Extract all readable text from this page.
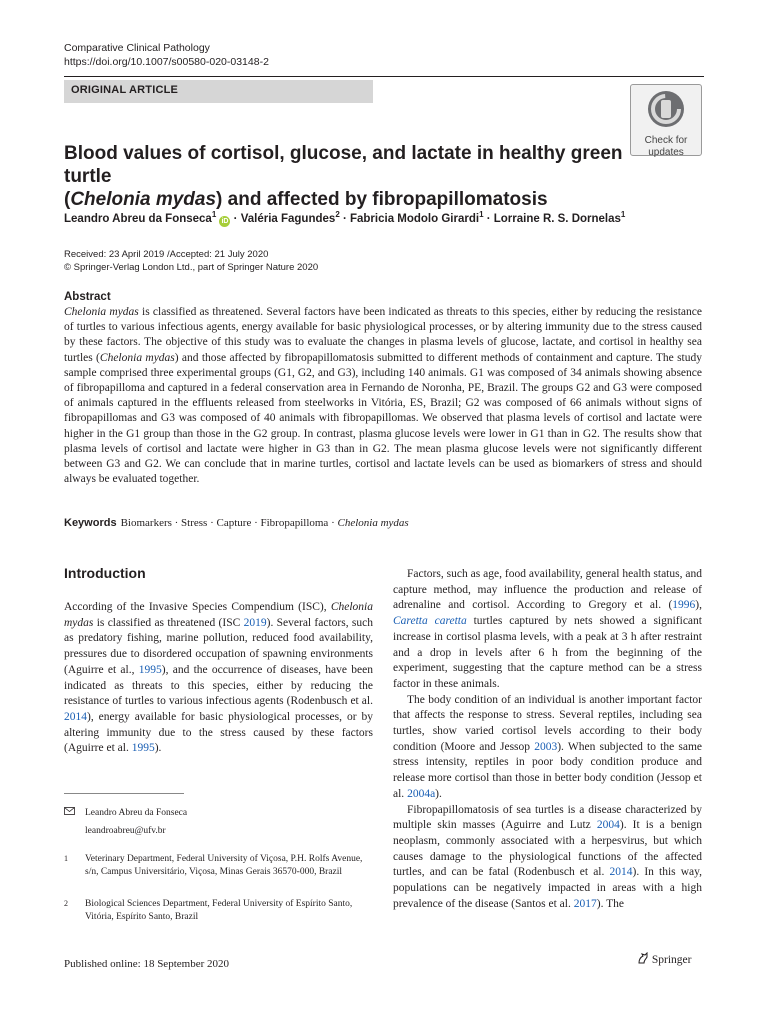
Comparative Clinical Pathology
https://doi.org/10.1007/s00580-020-03148-2
ORIGINAL ARTICLE
Check for
updates
Blood values of cortisol, glucose, and lactate in healthy green turtle
(Chelonia mydas) and affected by fibropapillomatosis
Leandro Abreu da Fonseca$^1$ iD · Valéria Fagundes$^2$ · Fabricia Modolo Girardi$^1$ · Lorraine R. S. Dornelas$^1$
Received: 23 April 2019 /Accepted: 21 July 2020
© Springer-Verlag London Ltd., part of Springer Nature 2020
Abstract
Chelonia mydas is classified as threatened. Several factors have been indicated as threats to this species, either by reducing the resistance of turtles to various infectious agents, energy available for basic physiological processes, or by altering immunity due to the stress caused by these factors. The objective of this study was to evaluate the changes in plasma levels of glucose, lactate, and cortisol in healthy sea turtles (Chelonia mydas) and those affected by fibropapillomatosis submitted to different methods of containment and capture. The study sample comprised three experimental groups (G1, G2, and G3), including 140 animals. G1 was composed of 34 animals showing absence of fibropapilloma and captured in a federal conservation area in Fernando de Noronha, PE, Brazil. The groups G2 and G3 were composed of animals captured in the effluents released from steelworks in Vitória, ES, Brazil; G2 was composed of 66 animals without signs of fibropapillomas and G3 was composed of 40 animals with fibropapillomas. We observed that plasma levels of cortisol and lactate were higher in the G1 group than those in the G2 group. In contrast, plasma glucose levels were lower in G1 than in G2. The results show that plasma levels of cortisol and lactate were higher in G3 than in G2. The mean plasma glucose levels were not significantly different between G3 and G2. We can conclude that in marine turtles, cortisol and lactate levels can be used as biomarkers of stress and should always be evaluated together.
Keywords Biomarkers · Stress · Capture · Fibropapilloma · Chelonia mydas
Introduction

According of the Invasive Species Compendium (ISC), Chelonia mydas is classified as threatened (ISC 2019). Several factors, such as predatory fishing, marine pollution, reduced food availability, pressures due to disordered occupation of spawning environments (Aguirre et al., 1995), and the occurrence of diseases, have been indicated as threats to this species, either by reducing the resistance of turtles to various infectious agents (Rodenbusch et al. 2014), energy available for basic physiological processes, or by altering immunity due to the stress caused by these factors (Aguirre et al. 1995).

Factors, such as age, food availability, general health status, and capture method, may influence the production and release of adrenaline and cortisol. According to Gregory et al. (1996), Caretta caretta turtles captured by nets showed a significant increase in cortisol plasma levels, with a peak at 3 h after restraint and a drop in levels after 6 h from the beginning of the experiment, suggesting that the capture method can be a stress factor in these animals.

The body condition of an individual is another important factor that affects the response to stress. Several reptiles, including sea turtles, show varied cortisol levels according to their body condition (Moore and Jessop 2003). When subjected to the same stress intensity, reptiles in poor body condition produce and release more cortisol than those in better body condition (Jessop et al. 2004a).

Fibropapillomatosis of sea turtles is a disease characterized by multiple skin masses (Aguirre and Lutz 2004). It is a benign neoplasm, commonly associated with a herpesvirus, but which causes damage to the physiological functions of the affected turtles, and can be fatal (Rodenbusch et al. 2014). In this way, populations can be negatively impacted in areas with a high prevalence of the disease (Santos et al. 2017). The

Leandro Abreu da Fonseca
leandroabreu@ufv.br
1 Veterinary Department, Federal University of Viçosa, P.H. Rolfs Avenue, s/n, Campus Universitário, Viçosa, Minas Gerais 36570-000, Brazil
2 Biological Sciences Department, Federal University of Espírito Santo, Vitória, Espírito Santo, Brazil
Published online: 18 September 2020	Springer
